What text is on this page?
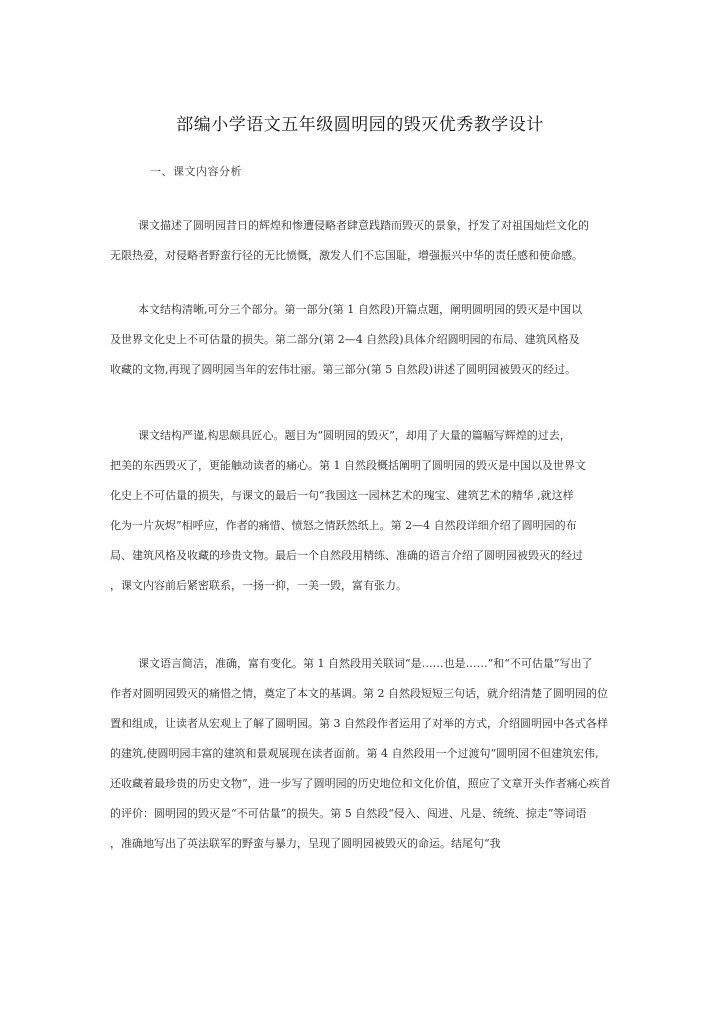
部编小学语文五年级圆明园的毁灭优秀教学设计
一、课文内容分析
课文描述了圆明园昔日的辉煌和惨遭侵略者肆意践踏而毁灭的景象，抒发了对祖国灿烂文化的
无限热爱，对侵略者野蛮行径的无比愤慨，激发人们不忘国耻，增强振兴中华的责任感和使命感。
本文结构清晰,可分三个部分。第一部分(第 1 自然段)开篇点题，阐明圆明园的毁灭是中国以
及世界文化史上不可估量的损失。第二部分(第 2—4 自然段)具体介绍圆明园的布局、建筑风格及
收藏的文物,再现了圆明园当年的宏伟壮丽。第三部分(第 5 自然段)讲述了圆明园被毁灭的经过。
课文结构严谨,构思颇具匠心。题目为“圆明园的毁灭”，却用了大量的篇幅写辉煌的过去，
把美的东西毁灭了，更能触动读者的痛心。第 1 自然段概括阐明了圆明园的毁灭是中国以及世界文
化史上不可估量的损失，与课文的最后一句“我国这一园林艺术的瑰宝、建筑艺术的精华 ,就这样
化为一片灰烬”相呼应，作者的痛惜、愤怒之情跃然纸上。第 2—4 自然段详细介绍了圆明园的布
局、建筑风格及收藏的珍贵文物。最后一个自然段用精练、准确的语言介绍了圆明园被毁灭的经过
，课文内容前后紧密联系，一扬一抑，一美一毁，富有张力。
课文语言简洁，准确，富有变化。第 1 自然段用关联词“是……也是……”和“不可估量”写出了
作者对圆明园毁灭的痛惜之情，奠定了本文的基调。第 2 自然段短短三句话，就介绍清楚了圆明园的位
置和组成，让读者从宏观上了解了圆明园。第 3 自然段作者运用了对举的方式，介绍圆明园中各式各样
的建筑,使圆明园丰富的建筑和景观展现在读者面前。第 4 自然段用一个过渡句“圆明园不但建筑宏伟,
还收藏着最珍贵的历史文物”，进一步写了圆明园的历史地位和文化价值，照应了文章开头作者痛心疾首
的评价：圆明园的毁灭是“不可估量”的损失。第 5 自然段“侵入、闯进、凡是、统统、掠走”等词语
，准确地写出了英法联军的野蛮与暴力，呈现了圆明园被毁灭的命运。结尾句“我
